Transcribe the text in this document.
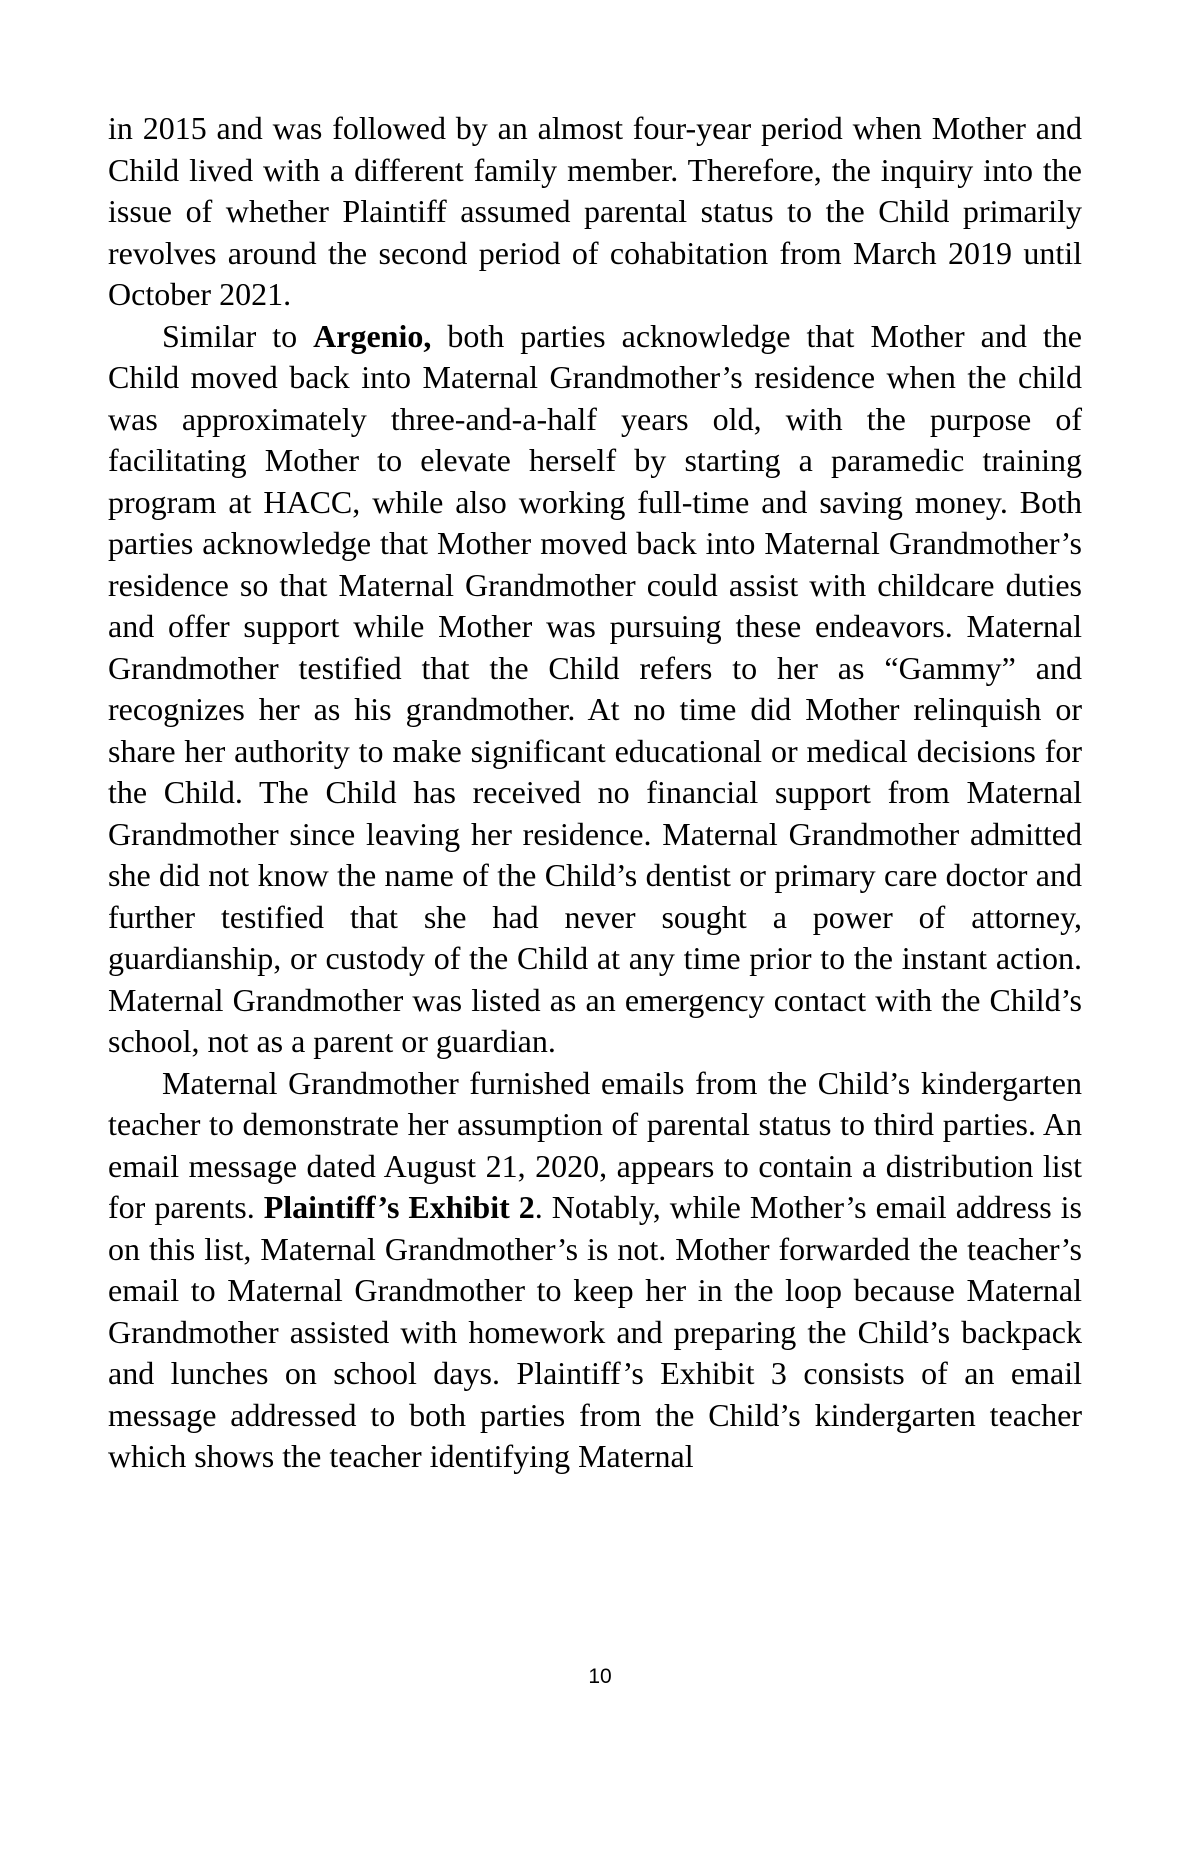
in 2015 and was followed by an almost four-year period when Mother and Child lived with a different family member. Therefore, the inquiry into the issue of whether Plaintiff assumed parental status to the Child primarily revolves around the second period of cohabitation from March 2019 until October 2021.

Similar to Argenio, both parties acknowledge that Mother and the Child moved back into Maternal Grandmother’s residence when the child was approximately three-and-a-half years old, with the purpose of facilitating Mother to elevate herself by starting a paramedic training program at HACC, while also working full-time and saving money. Both parties acknowledge that Mother moved back into Maternal Grandmother’s residence so that Maternal Grandmother could assist with childcare duties and offer support while Mother was pursuing these endeavors. Maternal Grandmother testified that the Child refers to her as “Gammy” and recognizes her as his grandmother. At no time did Mother relinquish or share her authority to make significant educational or medical decisions for the Child. The Child has received no financial support from Maternal Grandmother since leaving her residence. Maternal Grandmother admitted she did not know the name of the Child’s dentist or primary care doctor and further testified that she had never sought a power of attorney, guardianship, or custody of the Child at any time prior to the instant action. Maternal Grandmother was listed as an emergency contact with the Child’s school, not as a parent or guardian.

Maternal Grandmother furnished emails from the Child’s kindergarten teacher to demonstrate her assumption of parental status to third parties. An email message dated August 21, 2020, appears to contain a distribution list for parents. Plaintiff’s Exhibit 2. Notably, while Mother’s email address is on this list, Maternal Grandmother’s is not. Mother forwarded the teacher’s email to Maternal Grandmother to keep her in the loop because Maternal Grandmother assisted with homework and preparing the Child’s backpack and lunches on school days. Plaintiff’s Exhibit 3 consists of an email message addressed to both parties from the Child’s kindergarten teacher which shows the teacher identifying Maternal

10
